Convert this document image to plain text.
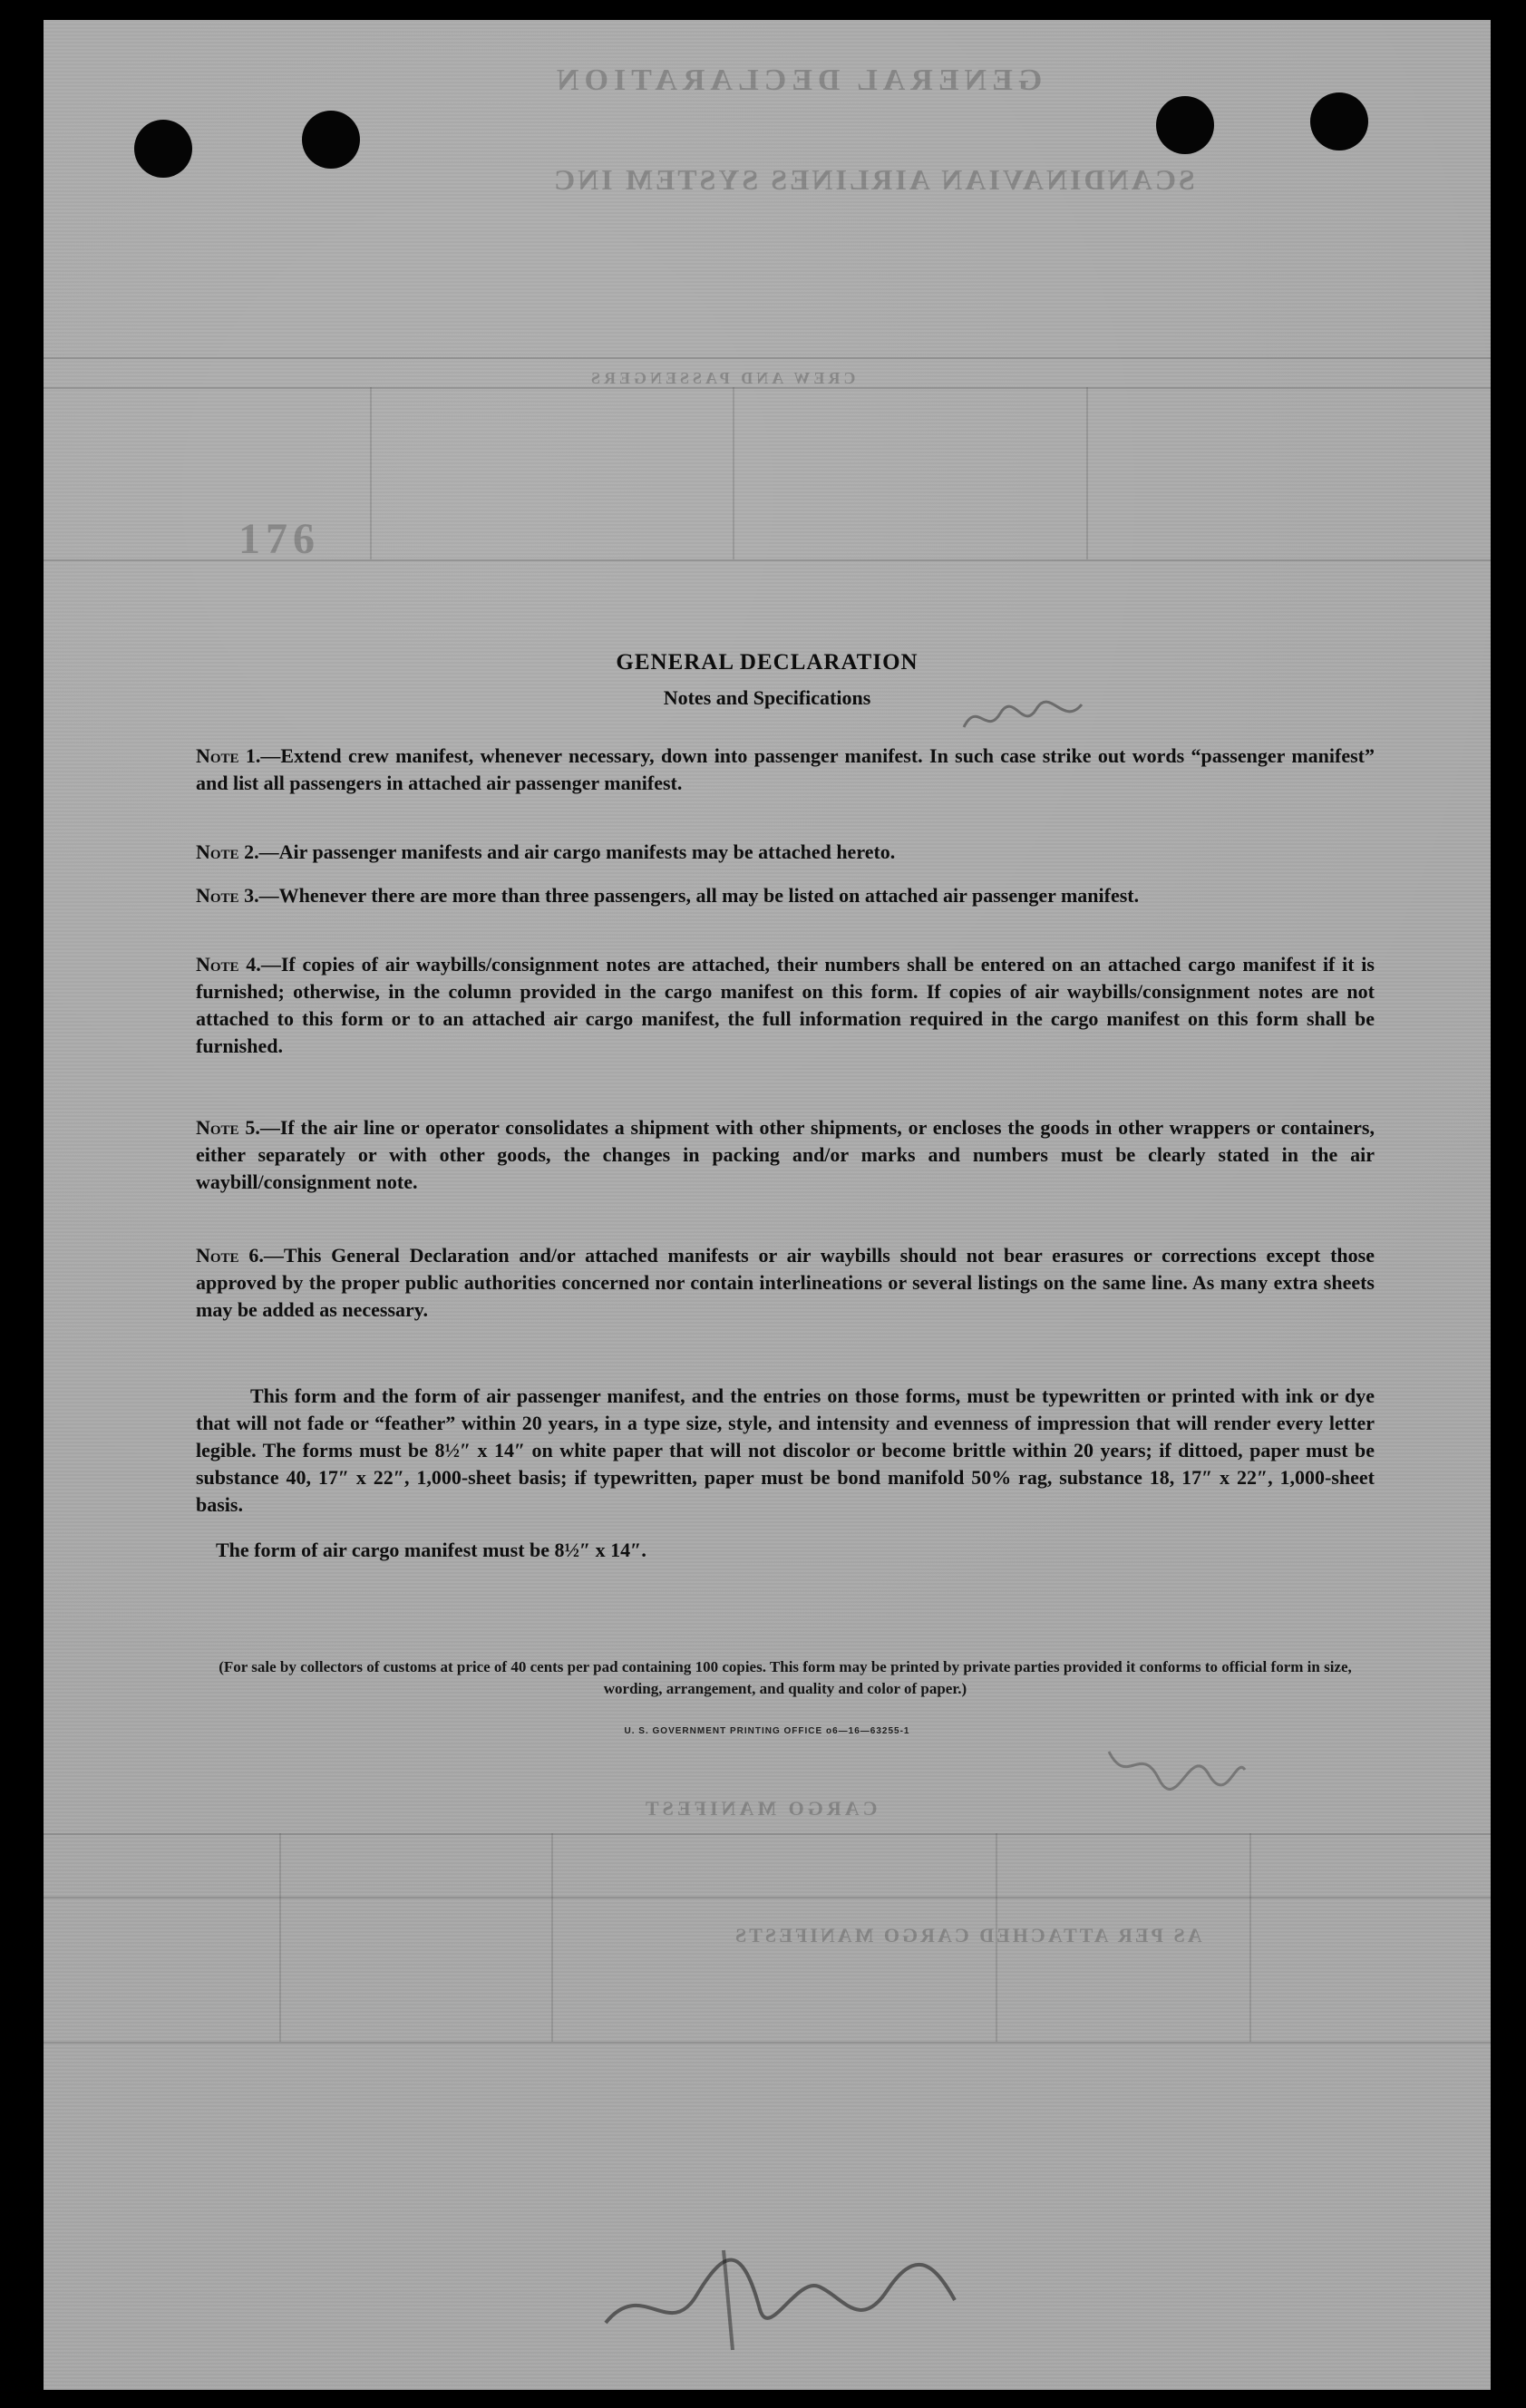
GENERAL DECLARATION
SCANDINAVIAN AIRLINES SYSTEM INC
CREW AND PASSENGERS
176
CARGO MANIFEST
AS PER ATTACHED CARGO MANIFESTS
GENERAL DECLARATION
Notes and Specifications
Note 1.—Extend crew manifest, whenever necessary, down into passenger manifest. In such case strike out words “passenger manifest” and list all passengers in attached air passenger manifest.
Note 2.—Air passenger manifests and air cargo manifests may be attached hereto.
Note 3.—Whenever there are more than three passengers, all may be listed on attached air passenger manifest.
Note 4.—If copies of air waybills/consignment notes are attached, their numbers shall be entered on an attached cargo manifest if it is furnished; otherwise, in the column provided in the cargo manifest on this form. If copies of air waybills/consignment notes are not attached to this form or to an attached air cargo manifest, the full information required in the cargo manifest on this form shall be furnished.
Note 5.—If the air line or operator consolidates a shipment with other shipments, or encloses the goods in other wrappers or containers, either separately or with other goods, the changes in packing and/or marks and numbers must be clearly stated in the air waybill/consignment note.
Note 6.—This General Declaration and/or attached manifests or air waybills should not bear erasures or corrections except those approved by the proper public authorities concerned nor contain interlineations or several listings on the same line. As many extra sheets may be added as necessary.
This form and the form of air passenger manifest, and the entries on those forms, must be typewritten or printed with ink or dye that will not fade or “feather” within 20 years, in a type size, style, and intensity and evenness of impression that will render every letter legible. The forms must be 8½″ x 14″ on white paper that will not discolor or become brittle within 20 years; if dittoed, paper must be substance 40, 17″ x 22″, 1,000-sheet basis; if typewritten, paper must be bond manifold 50% rag, substance 18, 17″ x 22″, 1,000-sheet basis.
The form of air cargo manifest must be 8½″ x 14″.
(For sale by collectors of customs at price of 40 cents per pad containing 100 copies. This form may be printed by private parties provided it conforms to official form in size, wording, arrangement, and quality and color of paper.)
U. S. GOVERNMENT PRINTING OFFICE o6—16—63255-1
